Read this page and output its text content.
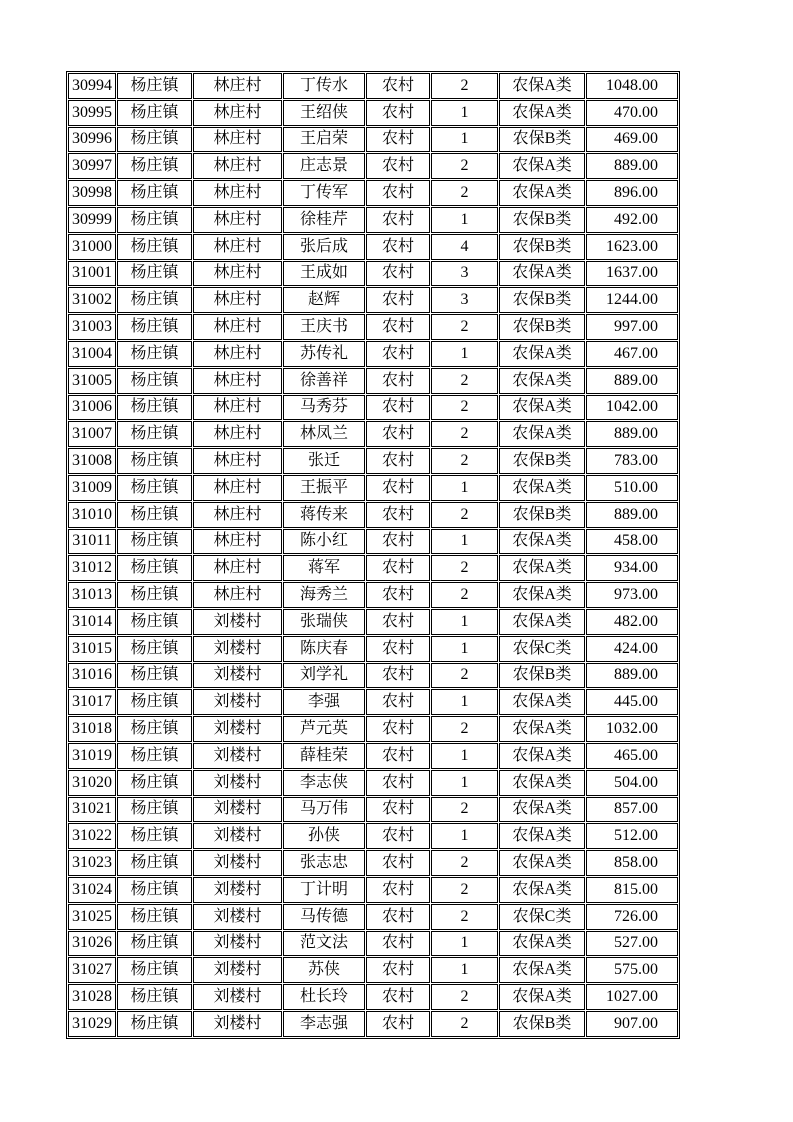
30994	杨庄镇	林庄村	丁传水	农村	2	农保A类	1048.00
30995	杨庄镇	林庄村	王绍侠	农村	1	农保A类	470.00
30996	杨庄镇	林庄村	王启荣	农村	1	农保B类	469.00
30997	杨庄镇	林庄村	庄志景	农村	2	农保A类	889.00
30998	杨庄镇	林庄村	丁传军	农村	2	农保A类	896.00
30999	杨庄镇	林庄村	徐桂芹	农村	1	农保B类	492.00
31000	杨庄镇	林庄村	张后成	农村	4	农保B类	1623.00
31001	杨庄镇	林庄村	王成如	农村	3	农保A类	1637.00
31002	杨庄镇	林庄村	赵辉	农村	3	农保B类	1244.00
31003	杨庄镇	林庄村	王庆书	农村	2	农保B类	997.00
31004	杨庄镇	林庄村	苏传礼	农村	1	农保A类	467.00
31005	杨庄镇	林庄村	徐善祥	农村	2	农保A类	889.00
31006	杨庄镇	林庄村	马秀芬	农村	2	农保A类	1042.00
31007	杨庄镇	林庄村	林凤兰	农村	2	农保A类	889.00
31008	杨庄镇	林庄村	张迁	农村	2	农保B类	783.00
31009	杨庄镇	林庄村	王振平	农村	1	农保A类	510.00
31010	杨庄镇	林庄村	蒋传来	农村	2	农保B类	889.00
31011	杨庄镇	林庄村	陈小红	农村	1	农保A类	458.00
31012	杨庄镇	林庄村	蒋军	农村	2	农保A类	934.00
31013	杨庄镇	林庄村	海秀兰	农村	2	农保A类	973.00
31014	杨庄镇	刘楼村	张瑞侠	农村	1	农保A类	482.00
31015	杨庄镇	刘楼村	陈庆春	农村	1	农保C类	424.00
31016	杨庄镇	刘楼村	刘学礼	农村	2	农保B类	889.00
31017	杨庄镇	刘楼村	李强	农村	1	农保A类	445.00
31018	杨庄镇	刘楼村	芦元英	农村	2	农保A类	1032.00
31019	杨庄镇	刘楼村	薛桂荣	农村	1	农保A类	465.00
31020	杨庄镇	刘楼村	李志侠	农村	1	农保A类	504.00
31021	杨庄镇	刘楼村	马万伟	农村	2	农保A类	857.00
31022	杨庄镇	刘楼村	孙侠	农村	1	农保A类	512.00
31023	杨庄镇	刘楼村	张志忠	农村	2	农保A类	858.00
31024	杨庄镇	刘楼村	丁计明	农村	2	农保A类	815.00
31025	杨庄镇	刘楼村	马传德	农村	2	农保C类	726.00
31026	杨庄镇	刘楼村	范文法	农村	1	农保A类	527.00
31027	杨庄镇	刘楼村	苏侠	农村	1	农保A类	575.00
31028	杨庄镇	刘楼村	杜长玲	农村	2	农保A类	1027.00
31029	杨庄镇	刘楼村	李志强	农村	2	农保B类	907.00
